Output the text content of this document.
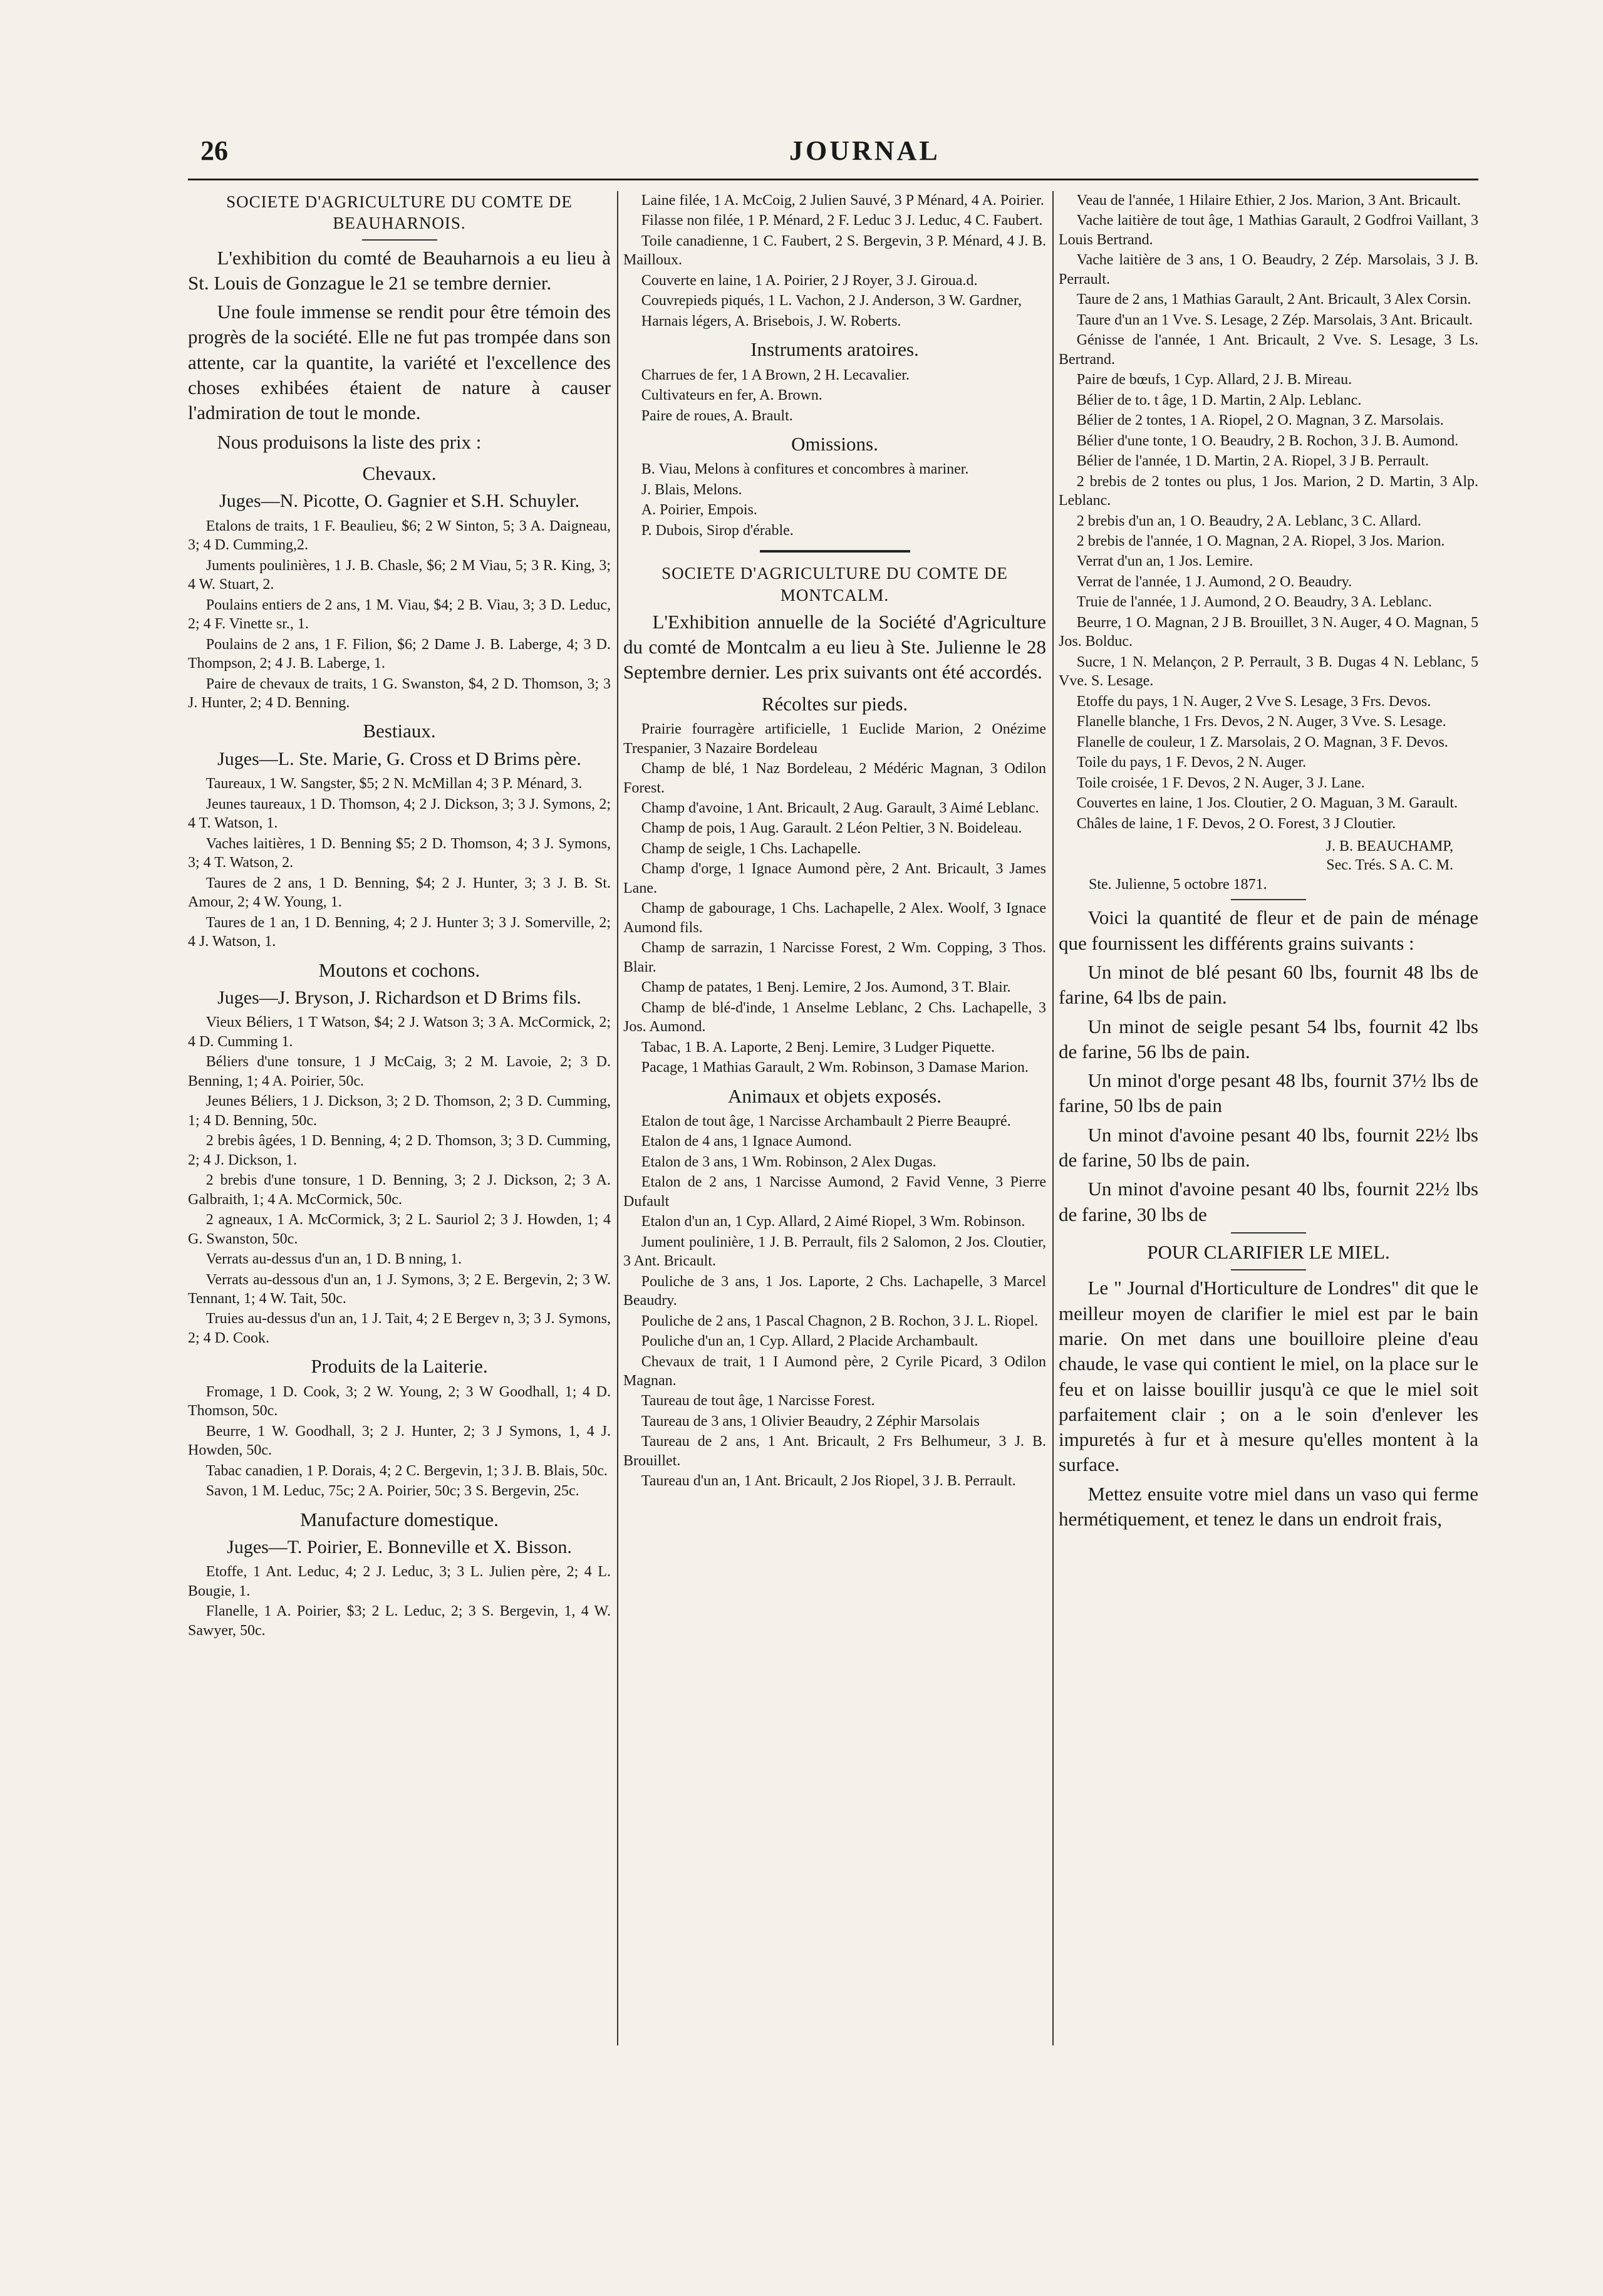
26	JOURNAL
SOCIETE D'AGRICULTURE DU COMTE DE BEAUHARNOIS.

L'exhibition du comté de Beauharnois a eu lieu à St. Louis de Gonzague le 21 se tembre dernier.

Une foule immense se rendit pour être témoin des progrès de la société. Elle ne fut pas trompée dans son attente, car la quantite, la variété et l'excellence des choses exhibées étaient de nature à causer l'admiration de tout le monde.

Nous produisons la liste des prix :

Chevaux.
Juges—N. Picotte, O. Gagnier et S.H. Schuyler.

Etalons de traits, 1 F. Beaulieu, $6; 2 W Sinton, 5; 3 A. Daigneau, 3; 4 D. Cumming,2.

Juments poulinières, 1 J. B. Chasle, $6; 2 M Viau, 5; 3 R. King, 3; 4 W. Stuart, 2.

Poulains entiers de 2 ans, 1 M. Viau, $4; 2 B. Viau, 3; 3 D. Leduc, 2; 4 F. Vinette sr., 1.

Poulains de 2 ans, 1 F. Filion, $6; 2 Dame J. B. Laberge, 4; 3 D. Thompson, 2; 4 J. B. Laberge, 1.

Paire de chevaux de traits, 1 G. Swanston, $4, 2 D. Thomson, 3; 3 J. Hunter, 2; 4 D. Benning.

Bestiaux.
Juges—L. Ste. Marie, G. Cross et D Brims père.

Taureaux, 1 W. Sangster, $5; 2 N. McMillan 4; 3 P. Ménard, 3.

Jeunes taureaux, 1 D. Thomson, 4; 2 J. Dickson, 3; 3 J. Symons, 2; 4 T. Watson, 1.

Vaches laitières, 1 D. Benning $5; 2 D. Thomson, 4; 3 J. Symons, 3; 4 T. Watson, 2.

Taures de 2 ans, 1 D. Benning, $4; 2 J. Hunter, 3; 3 J. B. St. Amour, 2; 4 W. Young, 1.

Taures de 1 an, 1 D. Benning, 4; 2 J. Hunter 3; 3 J. Somerville, 2; 4 J. Watson, 1.

Moutons et cochons.
Juges—J. Bryson, J. Richardson et D Brims fils.

Vieux Béliers, 1 T Watson, $4; 2 J. Watson 3; 3 A. McCormick, 2; 4 D. Cumming 1.

Béliers d'une tonsure, 1 J McCaig, 3; 2 M. Lavoie, 2; 3 D. Benning, 1; 4 A. Poirier, 50c.

Jeunes Béliers, 1 J. Dickson, 3; 2 D. Thomson, 2; 3 D. Cumming, 1; 4 D. Benning, 50c.

2 brebis âgées, 1 D. Benning, 4; 2 D. Thomson, 3; 3 D. Cumming, 2; 4 J. Dickson, 1.

2 brebis d'une tonsure, 1 D. Benning, 3; 2 J. Dickson, 2; 3 A. Galbraith, 1; 4 A. McCormick, 50c.

2 agneaux, 1 A. McCormick, 3; 2 L. Sauriol 2; 3 J. Howden, 1; 4 G. Swanston, 50c.

Verrats au-dessus d'un an, 1 D. B nning, 1.

Verrats au-dessous d'un an, 1 J. Symons, 3; 2 E. Bergevin, 2; 3 W. Tennant, 1; 4 W. Tait, 50c.

Truies au-dessus d'un an, 1 J. Tait, 4; 2 E Bergev n, 3; 3 J. Symons, 2; 4 D. Cook.

Produits de la Laiterie.

Fromage, 1 D. Cook, 3; 2 W. Young, 2; 3 W Goodhall, 1; 4 D. Thomson, 50c.

Beurre, 1 W. Goodhall, 3; 2 J. Hunter, 2; 3 J Symons, 1, 4 J. Howden, 50c.

Tabac canadien, 1 P. Dorais, 4; 2 C. Bergevin, 1; 3 J. B. Blais, 50c.

Savon, 1 M. Leduc, 75c; 2 A. Poirier, 50c; 3 S. Bergevin, 25c.

Manufacture domestique.
Juges—T. Poirier, E. Bonneville et X. Bisson.

Etoffe, 1 Ant. Leduc, 4; 2 J. Leduc, 3; 3 L. Julien père, 2; 4 L. Bougie, 1.

Flanelle, 1 A. Poirier, $3; 2 L. Leduc, 2; 3 S. Bergevin, 1, 4 W. Sawyer, 50c.

Laine filée, 1 A. McCoig, 2 Julien Sauvé, 3 P Ménard, 4 A. Poirier.

Filasse non filée, 1 P. Ménard, 2 F. Leduc 3 J. Leduc, 4 C. Faubert.

Toile canadienne, 1 C. Faubert, 2 S. Bergevin, 3 P. Ménard, 4 J. B. Mailloux.

Couverte en laine, 1 A. Poirier, 2 J Royer, 3 J. Giroua.d.

Couvrepieds piqués, 1 L. Vachon, 2 J. Anderson, 3 W. Gardner,

Harnais légers, A. Brisebois, J. W. Roberts.

Instruments aratoires.

Charrues de fer, 1 A Brown, 2 H. Lecavalier.

Cultivateurs en fer, A. Brown.

Paire de roues, A. Brault.

Omissions.

B. Viau, Melons à confitures et concombres à mariner.

J. Blais, Melons.

A. Poirier, Empois.

P. Dubois, Sirop d'érable.

SOCIETE D'AGRICULTURE DU COMTE DE MONTCALM.

L'Exhibition annuelle de la Société d'Agriculture du comté de Montcalm a eu lieu à Ste. Julienne le 28 Septembre dernier. Les prix suivants ont été accordés.

Récoltes sur pieds.

Prairie fourragère artificielle, 1 Euclide Marion, 2 Onézime Trespanier, 3 Nazaire Bordeleau

Champ de blé, 1 Naz Bordeleau, 2 Médéric Magnan, 3 Odilon Forest.

Champ d'avoine, 1 Ant. Bricault, 2 Aug. Garault, 3 Aimé Leblanc.

Champ de pois, 1 Aug. Garault. 2 Léon Peltier, 3 N. Boideleau.

Champ de seigle, 1 Chs. Lachapelle.

Champ d'orge, 1 Ignace Aumond père, 2 Ant. Bricault, 3 James Lane.

Champ de gabourage, 1 Chs. Lachapelle, 2 Alex. Woolf, 3 Ignace Aumond fils.

Champ de sarrazin, 1 Narcisse Forest, 2 Wm. Copping, 3 Thos. Blair.

Champ de patates, 1 Benj. Lemire, 2 Jos. Aumond, 3 T. Blair.

Champ de blé-d'inde, 1 Anselme Leblanc, 2 Chs. Lachapelle, 3 Jos. Aumond.

Tabac, 1 B. A. Laporte, 2 Benj. Lemire, 3 Ludger Piquette.

Pacage, 1 Mathias Garault, 2 Wm. Robinson, 3 Damase Marion.

Animaux et objets exposés.

Etalon de tout âge, 1 Narcisse Archambault 2 Pierre Beaupré.

Etalon de 4 ans, 1 Ignace Aumond.

Etalon de 3 ans, 1 Wm. Robinson, 2 Alex Dugas.

Etalon de 2 ans, 1 Narcisse Aumond, 2 Favid Venne, 3 Pierre Dufault

Etalon d'un an, 1 Cyp. Allard, 2 Aimé Riopel, 3 Wm. Robinson.

Jument poulinière, 1 J. B. Perrault, fils 2 Salomon, 2 Jos. Cloutier, 3 Ant. Bricault.

Pouliche de 3 ans, 1 Jos. Laporte, 2 Chs. Lachapelle, 3 Marcel Beaudry.

Pouliche de 2 ans, 1 Pascal Chagnon, 2 B. Rochon, 3 J. L. Riopel.

Pouliche d'un an, 1 Cyp. Allard, 2 Placide Archambault.

Chevaux de trait, 1 I Aumond père, 2 Cyrile Picard, 3 Odilon Magnan.

Taureau de tout âge, 1 Narcisse Forest.

Taureau de 3 ans, 1 Olivier Beaudry, 2 Zéphir Marsolais

Taureau de 2 ans, 1 Ant. Bricault, 2 Frs Belhumeur, 3 J. B. Brouillet.

Taureau d'un an, 1 Ant. Bricault, 2 Jos Riopel, 3 J. B. Perrault.

Veau de l'année, 1 Hilaire Ethier, 2 Jos. Marion, 3 Ant. Bricault.

Vache laitière de tout âge, 1 Mathias Garault, 2 Godfroi Vaillant, 3 Louis Bertrand.

Vache laitière de 3 ans, 1 O. Beaudry, 2 Zép. Marsolais, 3 J. B. Perrault.

Taure de 2 ans, 1 Mathias Garault, 2 Ant. Bricault, 3 Alex Corsin.

Taure d'un an 1 Vve. S. Lesage, 2 Zép. Marsolais, 3 Ant. Bricault.

Génisse de l'année, 1 Ant. Bricault, 2 Vve. S. Lesage, 3 Ls. Bertrand.

Paire de bœufs, 1 Cyp. Allard, 2 J. B. Mireau.

Bélier de to. t âge, 1 D. Martin, 2 Alp. Leblanc.

Bélier de 2 tontes, 1 A. Riopel, 2 O. Magnan, 3 Z. Marsolais.

Bélier d'une tonte, 1 O. Beaudry, 2 B. Rochon, 3 J. B. Aumond.

Bélier de l'année, 1 D. Martin, 2 A. Riopel, 3 J B. Perrault.

2 brebis de 2 tontes ou plus, 1 Jos. Marion, 2 D. Martin, 3 Alp. Leblanc.

2 brebis d'un an, 1 O. Beaudry, 2 A. Leblanc, 3 C. Allard.

2 brebis de l'année, 1 O. Magnan, 2 A. Riopel, 3 Jos. Marion.

Verrat d'un an, 1 Jos. Lemire.

Verrat de l'année, 1 J. Aumond, 2 O. Beaudry.

Truie de l'année, 1 J. Aumond, 2 O. Beaudry, 3 A. Leblanc.

Beurre, 1 O. Magnan, 2 J B. Brouillet, 3 N. Auger, 4 O. Magnan, 5 Jos. Bolduc.

Sucre, 1 N. Melançon, 2 P. Perrault, 3 B. Dugas 4 N. Leblanc, 5 Vve. S. Lesage.

Etoffe du pays, 1 N. Auger, 2 Vve S. Lesage, 3 Frs. Devos.

Flanelle blanche, 1 Frs. Devos, 2 N. Auger, 3 Vve. S. Lesage.

Flanelle de couleur, 1 Z. Marsolais, 2 O. Magnan, 3 F. Devos.

Toile du pays, 1 F. Devos, 2 N. Auger.

Toile croisée, 1 F. Devos, 2 N. Auger, 3 J. Lane.

Couvertes en laine, 1 Jos. Cloutier, 2 O. Maguan, 3 M. Garault.

Châles de laine, 1 F. Devos, 2 O. Forest, 3 J Cloutier.

J. B. BEAUCHAMP,
Sec. Trés. S A. C. M.

Ste. Julienne, 5 octobre 1871.

Voici la quantité de fleur et de pain de ménage que fournissent les différents grains suivants :

Un minot de blé pesant 60 lbs, fournit 48 lbs de farine, 64 lbs de pain.

Un minot de seigle pesant 54 lbs, fournit 42 lbs de farine, 56 lbs de pain.

Un minot d'orge pesant 48 lbs, fournit 37½ lbs de farine, 50 lbs de pain

Un minot d'avoine pesant 40 lbs, fournit 22½ lbs de farine, 50 lbs de pain.

Un minot d'avoine pesant 40 lbs, fournit 22½ lbs de farine, 30 lbs de

POUR CLARIFIER LE MIEL.

Le " Journal d'Horticulture de Londres" dit que le meilleur moyen de clarifier le miel est par le bain marie. On met dans une bouilloire pleine d'eau chaude, le vase qui contient le miel, on la place sur le feu et on laisse bouillir jusqu'à ce que le miel soit parfaitement clair ; on a le soin d'enlever les impuretés à fur et à mesure qu'elles montent à la surface.

Mettez ensuite votre miel dans un vaso qui ferme hermétiquement, et tenez le dans un endroit frais,
